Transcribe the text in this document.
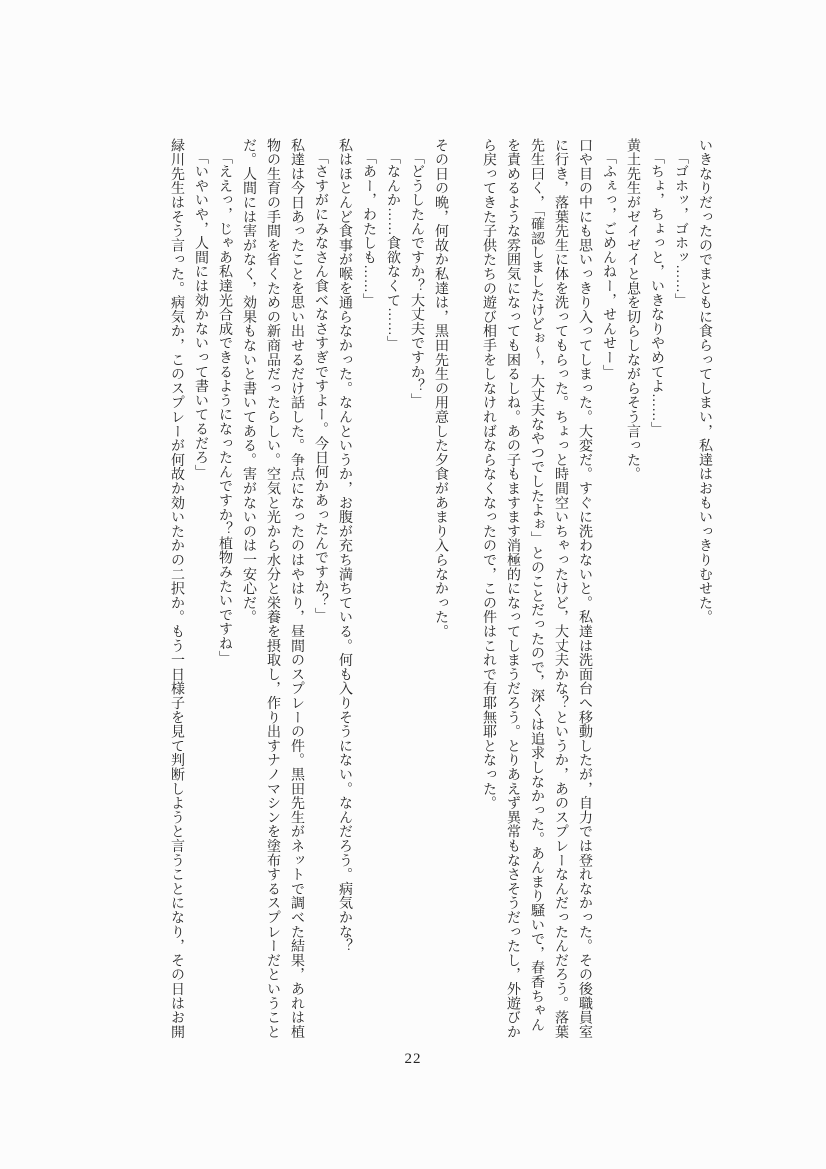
いきなりだったのでまともに食らってしまい，私達はおもいっきりむせた。

「ゴホッ，ゴホッ……」

「ちょ，ちょっと，いきなりやめてよ……」

黄土先生がゼイゼイと息を切らしながらそう言った。

「ふぇっ，ごめんねー，せんせー」

口や目の中にも思いっきり入ってしまった。大変だ。すぐに洗わないと。私達は洗面台へ移動したが，自力では登れなかった。その後職員室に行き，落葉先生に体を洗ってもらった。ちょっと時間空いちゃったけど，大丈夫かな？というか，あのスプレーなんだったんだろう。落葉先生曰く，「確認しましたけどぉ〜，大丈夫なやつでしたよぉ」とのことだったので，深くは追求しなかった。あんまり騒いで，春香ちゃんを責めるような雰囲気になっても困るしね。あの子もますます消極的になってしまうだろう。とりあえず異常もなさそうだったし，外遊びから戻ってきた子供たちの遊び相手をしなければならなくなったので，この件はこれで有耶無耶となった。

その日の晩，何故か私達は，黒田先生の用意した夕食があまり入らなかった。

「どうしたんですか？大丈夫ですか？」

「なんか……食欲なくて……」

「あー，わたしも……」

私はほとんど食事が喉を通らなかった。なんというか，お腹が充ち満ちている。何も入りそうにない。なんだろう。病気かな？

「さすがにみなさん食べなさすぎですよー。今日何かあったんですか？」

私達は今日あったことを思い出せるだけ話した。争点になったのはやはり，昼間のスプレーの件。黒田先生がネットで調べた結果，あれは植物の生育の手間を省くための新商品だったらしい。空気と光から水分と栄養を摂取し，作り出すナノマシンを塗布するスプレーだということだ。人間には害がなく，効果もないと書いてある。害がないのは一安心だ。

「ええっ，じゃあ私達光合成できるようになったんですか？植物みたいですね」

「いやいや，人間には効かないって書いてるだろ」

緑川先生はそう言った。病気か，このスプレーが何故か効いたかの二択か。もう一日様子を見て判断しようと言うことになり，その日はお開

22
